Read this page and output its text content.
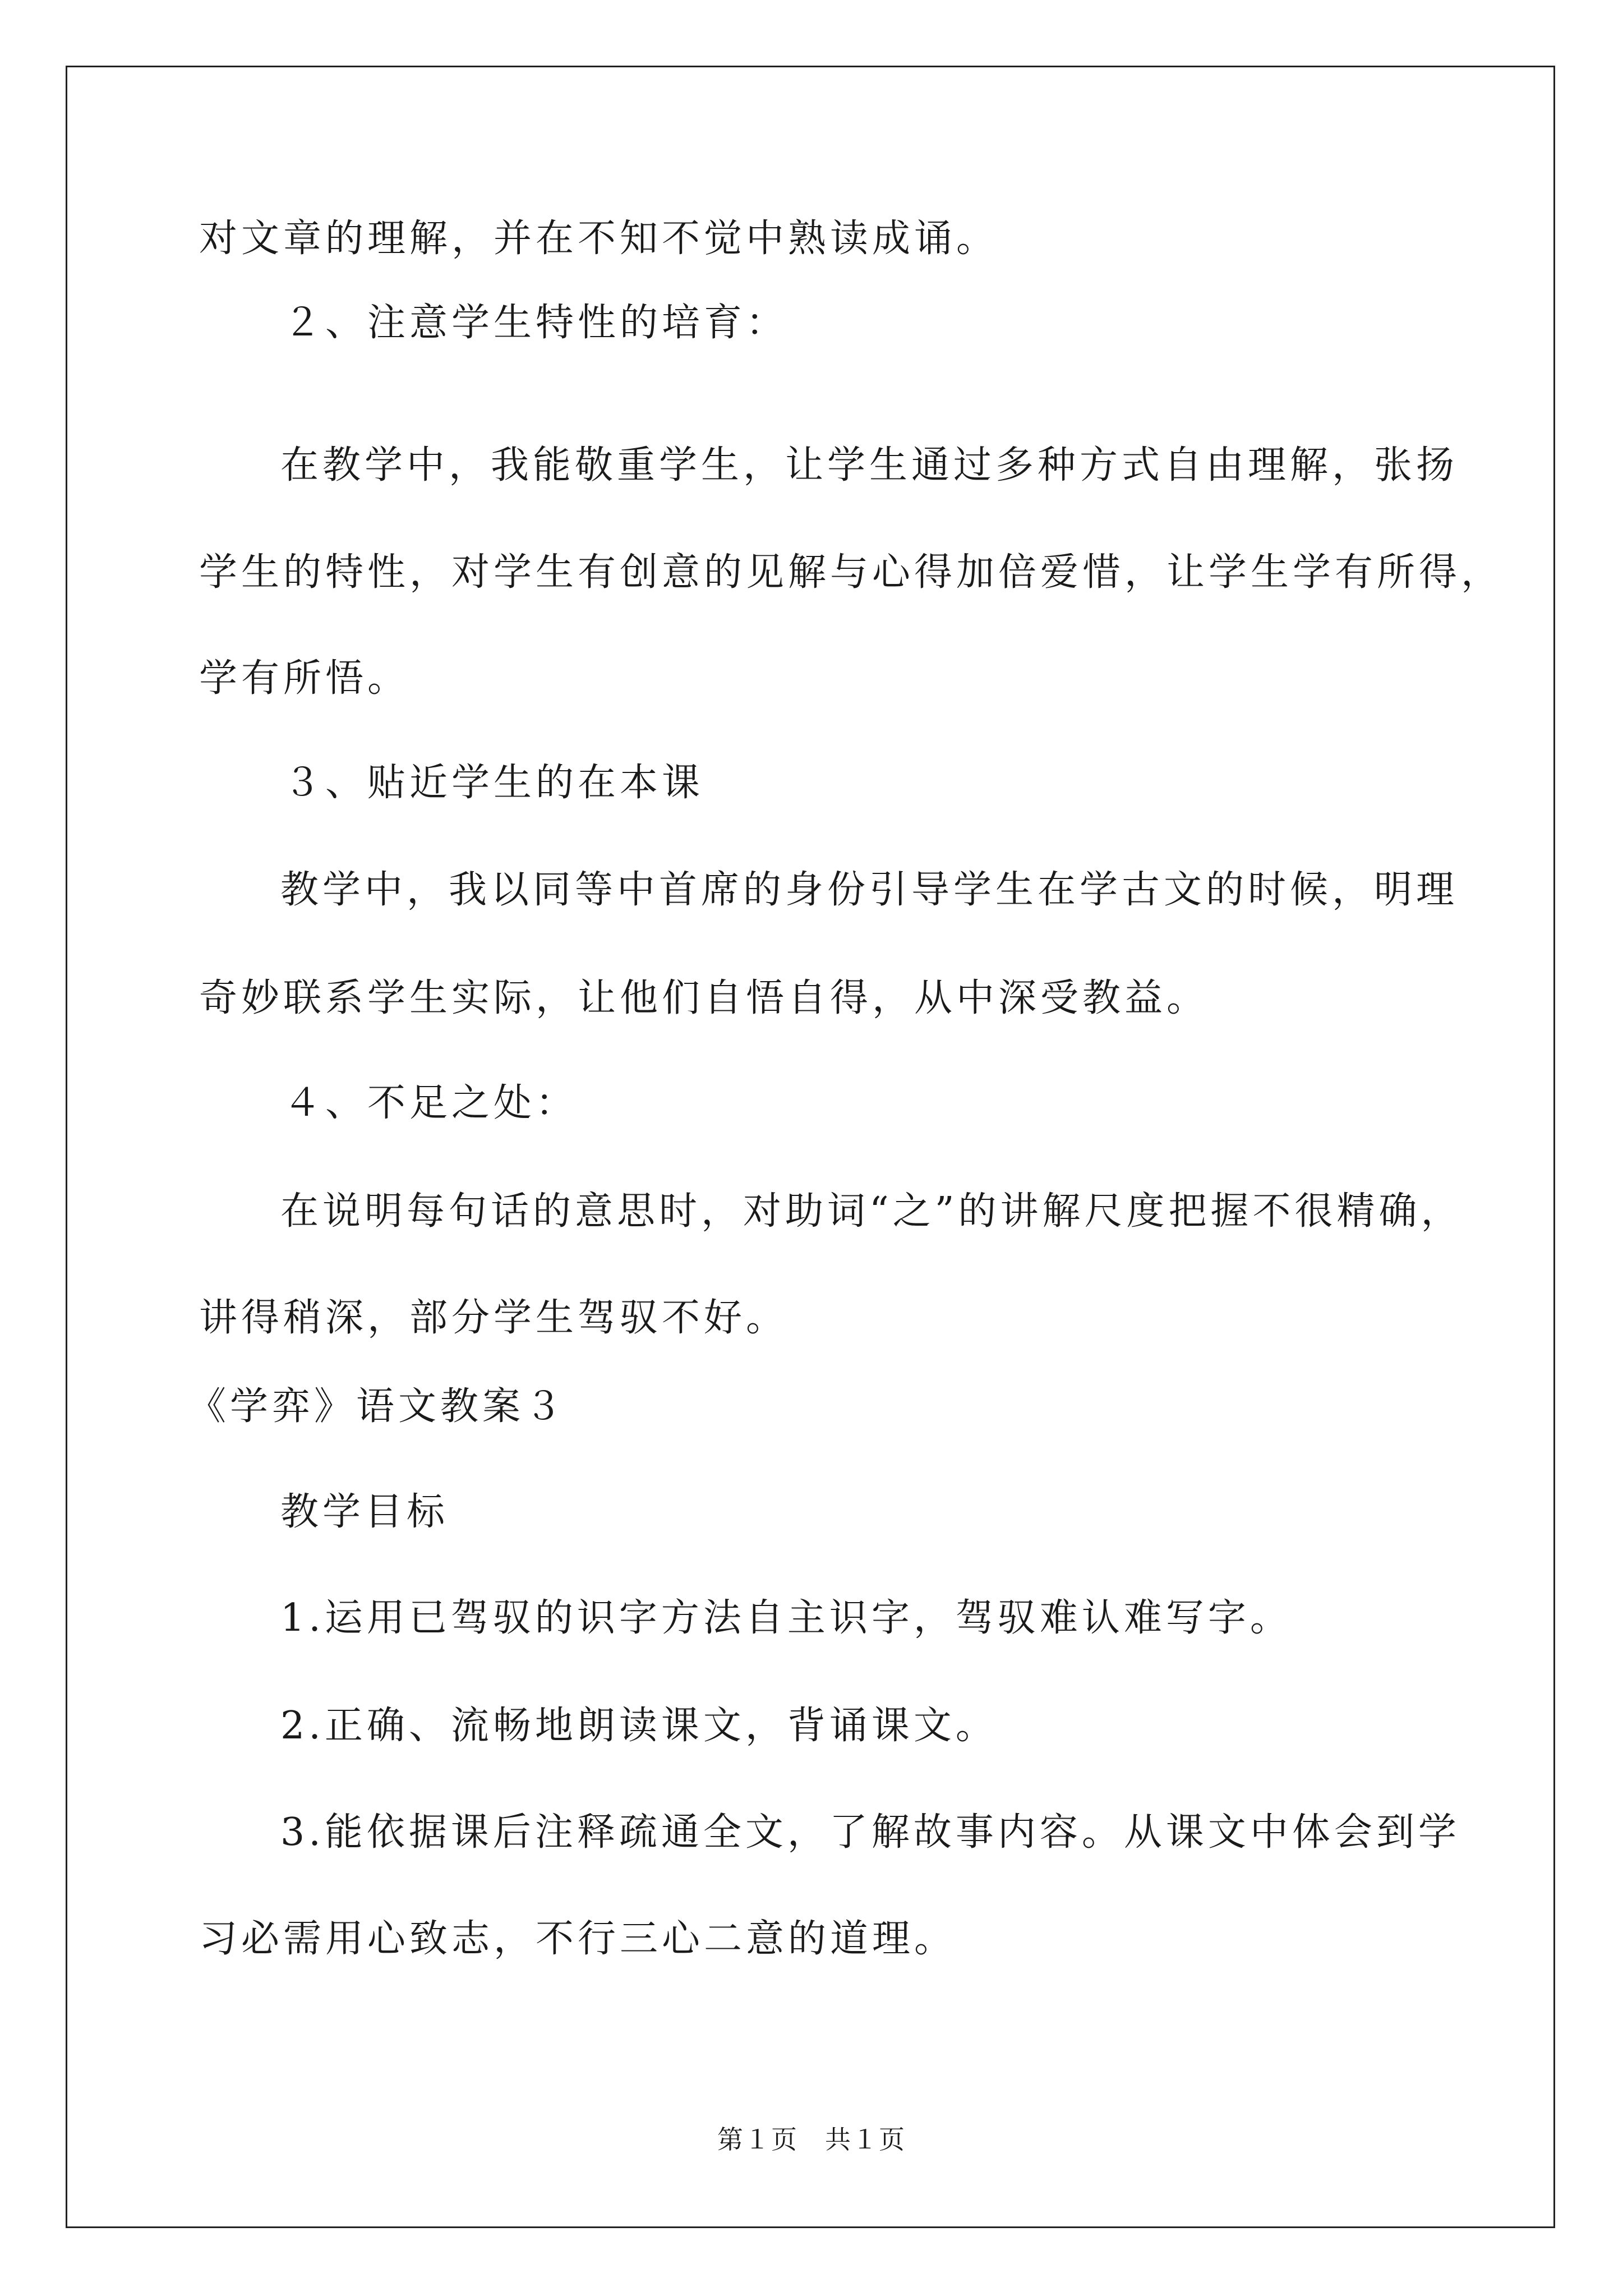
对文章的理解，并在不知不觉中熟读成诵。
２、注意学生特性的培育：
在教学中，我能敬重学生，让学生通过多种方式自由理解，张扬
学生的特性，对学生有创意的见解与心得加倍爱惜，让学生学有所得，
学有所悟。
３、贴近学生的在本课
教学中，我以同等中首席的身份引导学生在学古文的时候，明理
奇妙联系学生实际，让他们自悟自得，从中深受教益。
４、不足之处：
在说明每句话的意思时，对助词“之”的讲解尺度把握不很精确，
讲得稍深，部分学生驾驭不好。
《学弈》语文教案３
教学目标
1.运用已驾驭的识字方法自主识字，驾驭难认难写字。
2.正确、流畅地朗读课文，背诵课文。
3.能依据课后注释疏通全文，了解故事内容。从课文中体会到学
习必需用心致志，不行三心二意的道理。
第１页　共１页
